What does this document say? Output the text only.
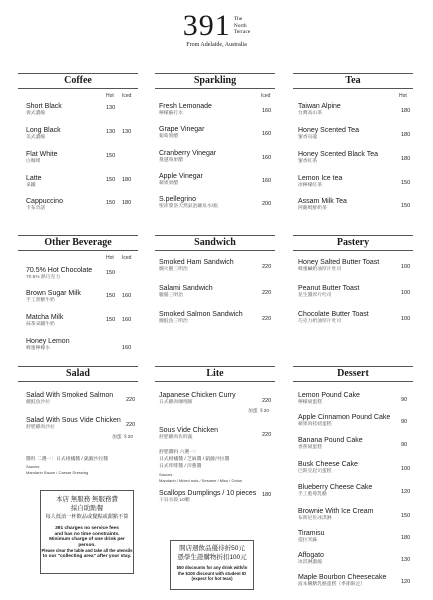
391 The
North
Terrace
From Adelaide, Australia
Coffee
Hot Iced
Short Black
義式濃縮
130
Long Black
美式濃縮
130 130
Flat White
白咖啡
150
Latte
拿鐵
150 180
Cappuccino
卡布奇諾
150 180
Sparkling
Iced
Fresh Lemonade
檸檬蘇打水	160
Grape Vinegar
葡萄果醋	160
Cranberry Vinegar
蔓越莓果醋	160
Apple Vinegar
蘋果果醋	160
S.pellegrino
聖沛黎洛天然氣泡礦泉水/瓶	200
Tea
Hot
Taiwan Alpine
台灣高山茶	180
Honey Scented Tea
蜜香烏龍	180
Honey Scented Black Tea
蜜香紅茶	180
Lemon Ice tea
冰檸檬紅茶	150
Assam Milk Tea
阿薩姆鮮奶茶	150
Other Beverage
Hot Iced
70.5% Hot Chocolate
70.5% 熱巧克力
150
Brown Sugar Milk
手工黑糖牛奶
150 160
Matcha Milk
抹茶拿鐵牛奶
150 160
Honey Lemon
蜂蜜檸檬水	160
Sandwich
Smoked Ham Sandwich
燻火腿三明治	220
Salami Sandwich
臘腸三明治	220
Smoked Salmon Sandwich
燻鮭魚三明治	220
Pastery
Honey Salted Butter Toast
蜂蜜鹹奶油厚片吐司	100
Peanut Butter Toast
花生醬厚片吐司	100
Chocolate Butter Toast
巧克力奶油厚片吐司	100
Salad
Salad With Smoked Salmon
燻鮭魚沙拉	220
Salad With Sous Vide Chicken
舒肥雞肉沙拉	220
加蛋 ＄20
醬料 二選一：日式柑橘醬 / 凱薩沙拉醬
Sauces
Mandarin Sauce / Caesar Dressing
Lite
Japanese Chicken Curry
日式雞肉咖哩飯	220
加蛋 ＄20
Sous Vide Chicken
舒肥雞肉佐時蔬	220
舒肥醬料 六選一：
日式柑橘醬 / 芝麻醬 / 凱薩沙拉醬
日式咔啡醬 / 洋蔥醬
Sauces
Mandarin / Mixed nuts / Sesame / Miso / Onion
Scallops Dumplings / 10 pieces
干貝水餃 10顆
180
Dessert
Lemon Pound Cake
檸檬磅蛋糕	90
Apple Cinnamon Pound Cake
蘋果肉桂磅蛋糕	90
Banana Pound Cake
香蕉磅蛋糕	90
Busk Cheese Cake
巴斯克起司蛋糕	100
Blueberry Cheese Cake
手工藍莓乳酪	120
Brownie With Ice Cream
布朗尼佐冰淇淋	150
Tiramisu
提拉米蘇	180
Affogato
冰淇淋濃縮	130
Maple Bourbon Cheesecake
波本楓糖乳酪蛋糕（季節限定）	120
本店 無服務 無服務費
採自助點餐
每人低消一杯飲品或餐點或甜點不算
391 charges no service fees
and has no time constraints.
Minimum charge of one drink per person.
Please clear the table and take all the utensils
to our "collecting area" after your stay.
開店週飲品優待折50元
憑學生證購物折扣100元
$50 discounts for any drink with/in
the $100 discount with student ID
(expect for hot teas)
